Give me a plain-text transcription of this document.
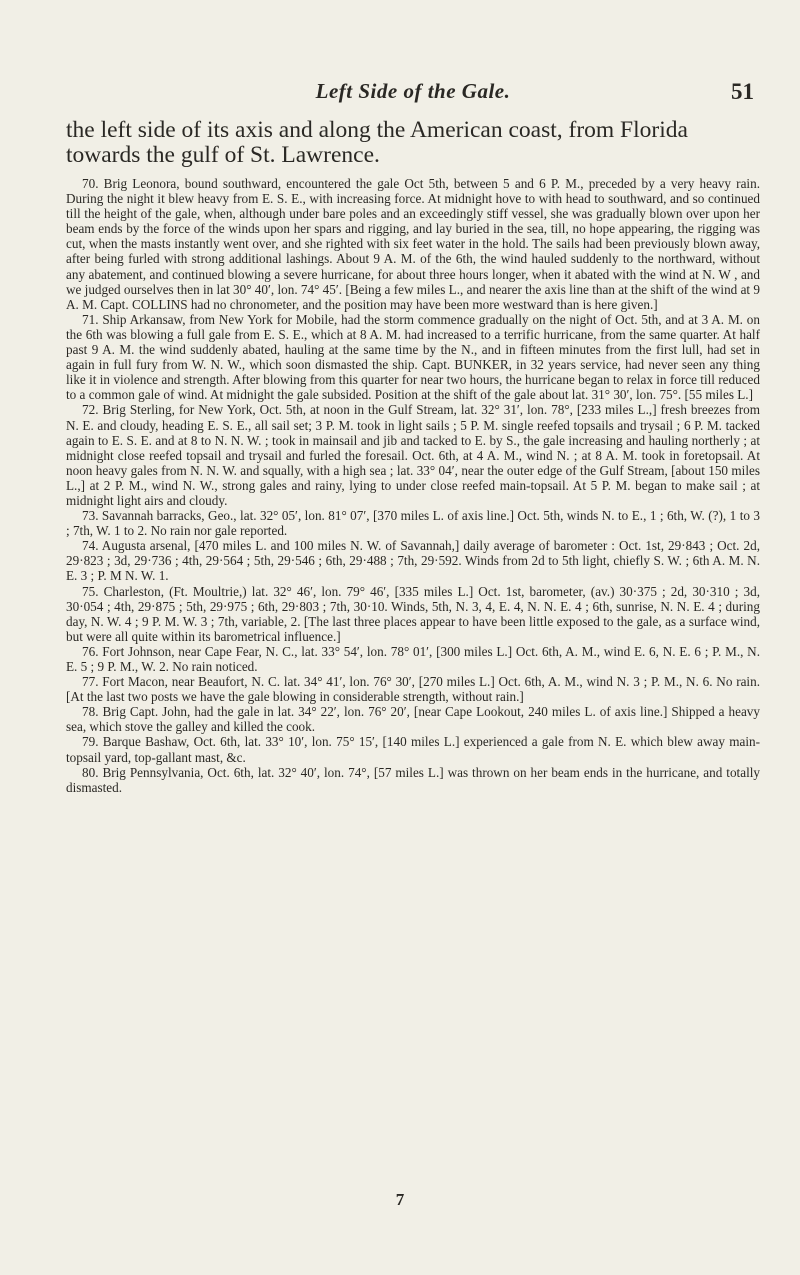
Left Side of the Gale.	51

the left side of its axis and along the American coast, from Florida towards the gulf of St. Lawrence.

70. Brig Leonora, bound southward, encountered the gale Oct 5th, between 5 and 6 P. M., preceded by a very heavy rain. During the night it blew heavy from E. S. E., with increasing force. At midnight hove to with head to southward, and so continued till the height of the gale, when, although under bare poles and an exceedingly stiff vessel, she was gradually blown over upon her beam ends by the force of the winds upon her spars and rigging, and lay buried in the sea, till, no hope appearing, the rigging was cut, when the masts instantly went over, and she righted with six feet water in the hold. The sails had been previously blown away, after being furled with strong additional lashings. About 9 A. M. of the 6th, the wind hauled suddenly to the northward, without any abatement, and continued blowing a severe hurricane, for about three hours longer, when it abated with the wind at N. W , and we judged ourselves then in lat 30° 40′, lon. 74° 45′. [Being a few miles L., and nearer the axis line than at the shift of the wind at 9 A. M. Capt. COLLINS had no chronometer, and the position may have been more westward than is here given.]

71. Ship Arkansaw, from New York for Mobile, had the storm commence gradually on the night of Oct. 5th, and at 3 A. M. on the 6th was blowing a full gale from E. S. E., which at 8 A. M. had increased to a terrific hurricane, from the same quarter. At half past 9 A. M. the wind suddenly abated, hauling at the same time by the N., and in fifteen minutes from the first lull, had set in again in full fury from W. N. W., which soon dismasted the ship. Capt. BUNKER, in 32 years service, had never seen any thing like it in violence and strength. After blowing from this quarter for near two hours, the hurricane began to relax in force till reduced to a common gale of wind. At midnight the gale subsided. Position at the shift of the gale about lat. 31° 30′, lon. 75°. [55 miles L.]

72. Brig Sterling, for New York, Oct. 5th, at noon in the Gulf Stream, lat. 32° 31′, lon. 78°, [233 miles L.,] fresh breezes from N. E. and cloudy, heading E. S. E., all sail set; 3 P. M. took in light sails ; 5 P. M. single reefed topsails and trysail ; 6 P. M. tacked again to E. S. E. and at 8 to N. N. W. ; took in mainsail and jib and tacked to E. by S., the gale increasing and hauling northerly ; at midnight close reefed topsail and trysail and furled the foresail. Oct. 6th, at 4 A. M., wind N. ; at 8 A. M. took in foretopsail. At noon heavy gales from N. N. W. and squally, with a high sea ; lat. 33° 04′, near the outer edge of the Gulf Stream, [about 150 miles L.,] at 2 P. M., wind N. W., strong gales and rainy, lying to under close reefed main-topsail. At 5 P. M. began to make sail ; at midnight light airs and cloudy.

73. Savannah barracks, Geo., lat. 32° 05′, lon. 81° 07′, [370 miles L. of axis line.] Oct. 5th, winds N. to E., 1 ; 6th, W. (?), 1 to 3 ; 7th, W. 1 to 2. No rain nor gale reported.

74. Augusta arsenal, [470 miles L. and 100 miles N. W. of Savannah,] daily average of barometer : Oct. 1st, 29·843 ; Oct. 2d, 29·823 ; 3d, 29·736 ; 4th, 29·564 ; 5th, 29·546 ; 6th, 29·488 ; 7th, 29·592. Winds from 2d to 5th light, chiefly S. W. ; 6th A. M. N. E. 3 ; P. M N. W. 1.

75. Charleston, (Ft. Moultrie,) lat. 32° 46′, lon. 79° 46′, [335 miles L.] Oct. 1st, barometer, (av.) 30·375 ; 2d, 30·310 ; 3d, 30·054 ; 4th, 29·875 ; 5th, 29·975 ; 6th, 29·803 ; 7th, 30·10. Winds, 5th, N. 3, 4, E. 4, N. N. E. 4 ; 6th, sunrise, N. N. E. 4 ; during day, N. W. 4 ; 9 P. M. W. 3 ; 7th, variable, 2. [The last three places appear to have been little exposed to the gale, as a surface wind, but were all quite within its barometrical influence.]

76. Fort Johnson, near Cape Fear, N. C., lat. 33° 54′, lon. 78° 01′, [300 miles L.] Oct. 6th, A. M., wind E. 6, N. E. 6 ; P. M., N. E. 5 ; 9 P. M., W. 2. No rain noticed.

77. Fort Macon, near Beaufort, N. C. lat. 34° 41′, lon. 76° 30′, [270 miles L.] Oct. 6th, A. M., wind N. 3 ; P. M., N. 6. No rain. [At the last two posts we have the gale blowing in considerable strength, without rain.]

78. Brig Capt. John, had the gale in lat. 34° 22′, lon. 76° 20′, [near Cape Lookout, 240 miles L. of axis line.] Shipped a heavy sea, which stove the galley and killed the cook.

79. Barque Bashaw, Oct. 6th, lat. 33° 10′, lon. 75° 15′, [140 miles L.] experienced a gale from N. E. which blew away main-topsail yard, top-gallant mast, &c.

80. Brig Pennsylvania, Oct. 6th, lat. 32° 40′, lon. 74°, [57 miles L.] was thrown on her beam ends in the hurricane, and totally dismasted.

7
